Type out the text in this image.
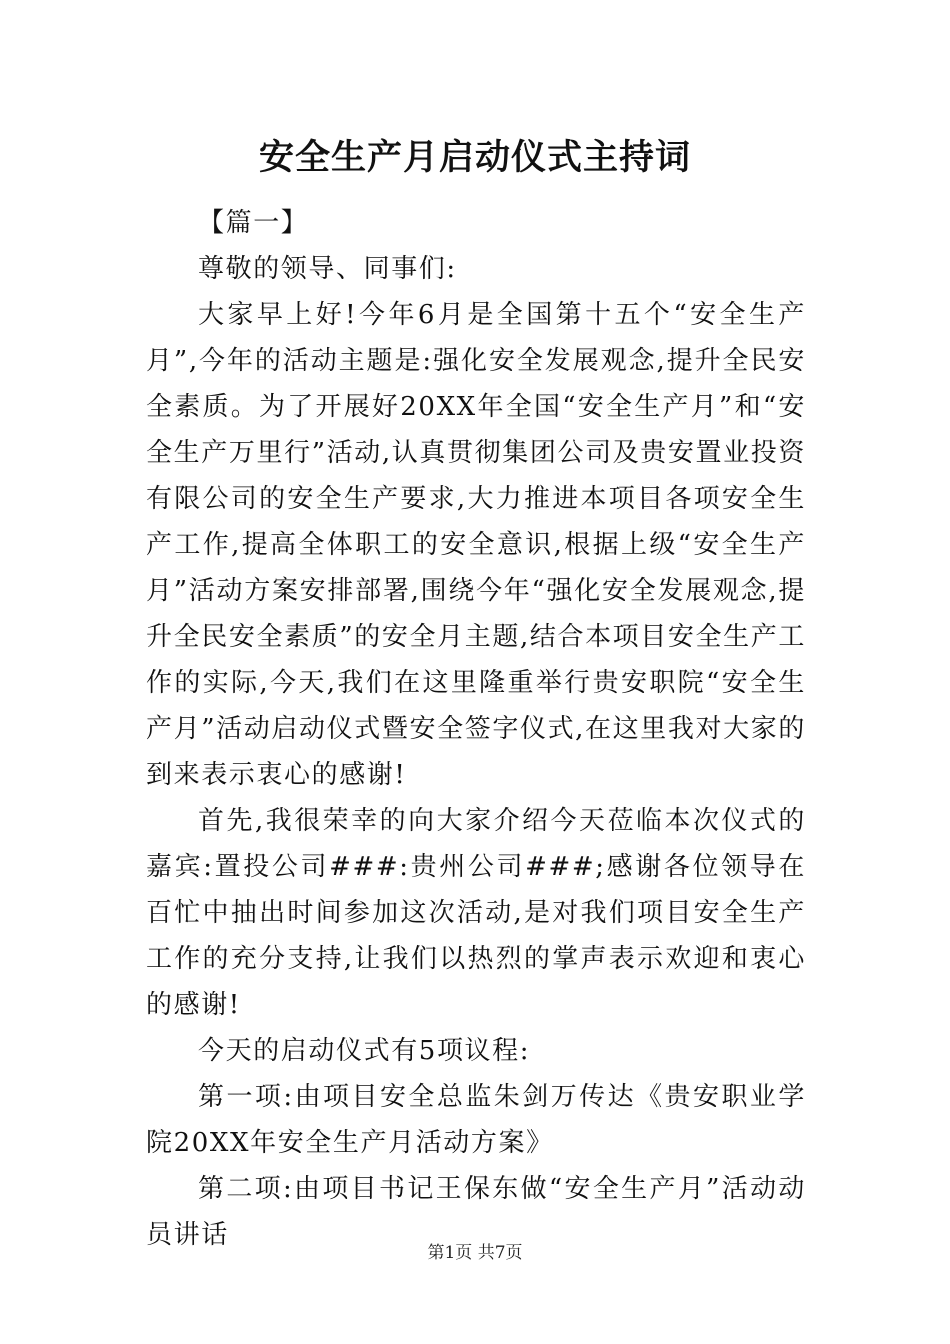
安全生产月启动仪式主持词

【篇一】

尊敬的领导、同事们:

大家早上好!今年6月是全国第十五个“安全生产月”,今年的活动主题是:强化安全发展观念,提升全民安全素质。为了开展好20XX年全国“安全生产月”和“安全生产万里行”活动,认真贯彻集团公司及贵安置业投资有限公司的安全生产要求,大力推进本项目各项安全生产工作,提高全体职工的安全意识,根据上级“安全生产月”活动方案安排部署,围绕今年“强化安全发展观念,提升全民安全素质”的安全月主题,结合本项目安全生产工作的实际,今天,我们在这里隆重举行贵安职院“安全生产月”活动启动仪式暨安全签字仪式,在这里我对大家的到来表示衷心的感谢!

首先,我很荣幸的向大家介绍今天莅临本次仪式的嘉宾:置投公司###:贵州公司###;感谢各位领导在百忙中抽出时间参加这次活动,是对我们项目安全生产工作的充分支持,让我们以热烈的掌声表示欢迎和衷心的感谢!

今天的启动仪式有5项议程:

第一项:由项目安全总监朱剑万传达《贵安职业学院20XX年安全生产月活动方案》

第二项:由项目书记王保东做“安全生产月”活动动员讲话

第1页 共7页
